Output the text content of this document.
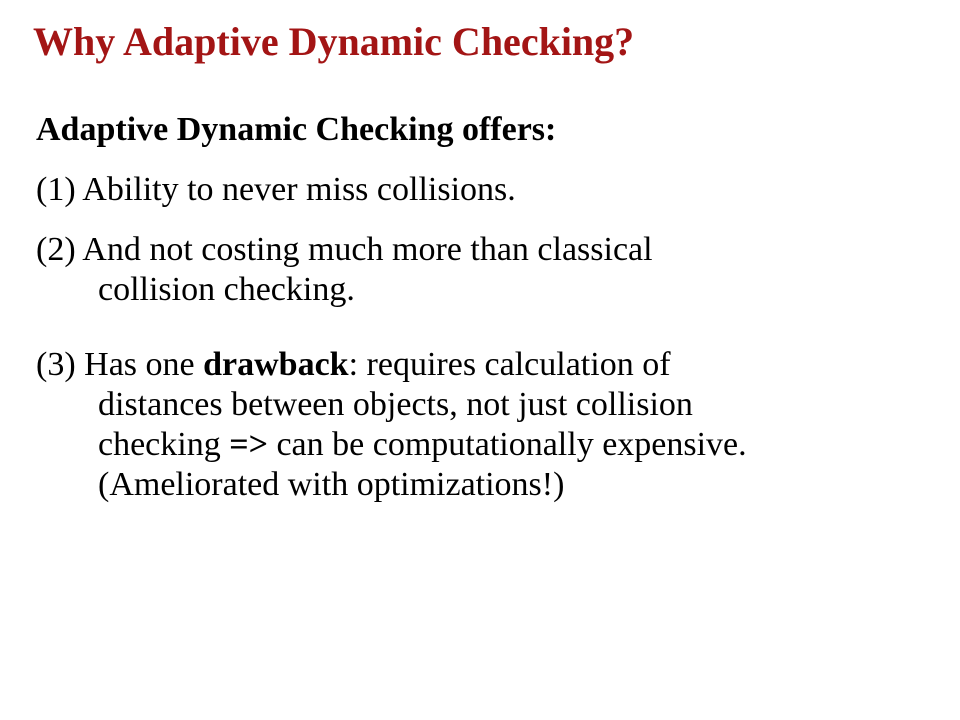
Why Adaptive Dynamic Checking?
Adaptive Dynamic Checking offers:
(1) Ability to never miss collisions.
(2) And not costing much more than classical
collision checking.
(3) Has one drawback: requires calculation of
distances between objects, not just collision
checking => can be computationally expensive.
(Ameliorated with optimizations!)
